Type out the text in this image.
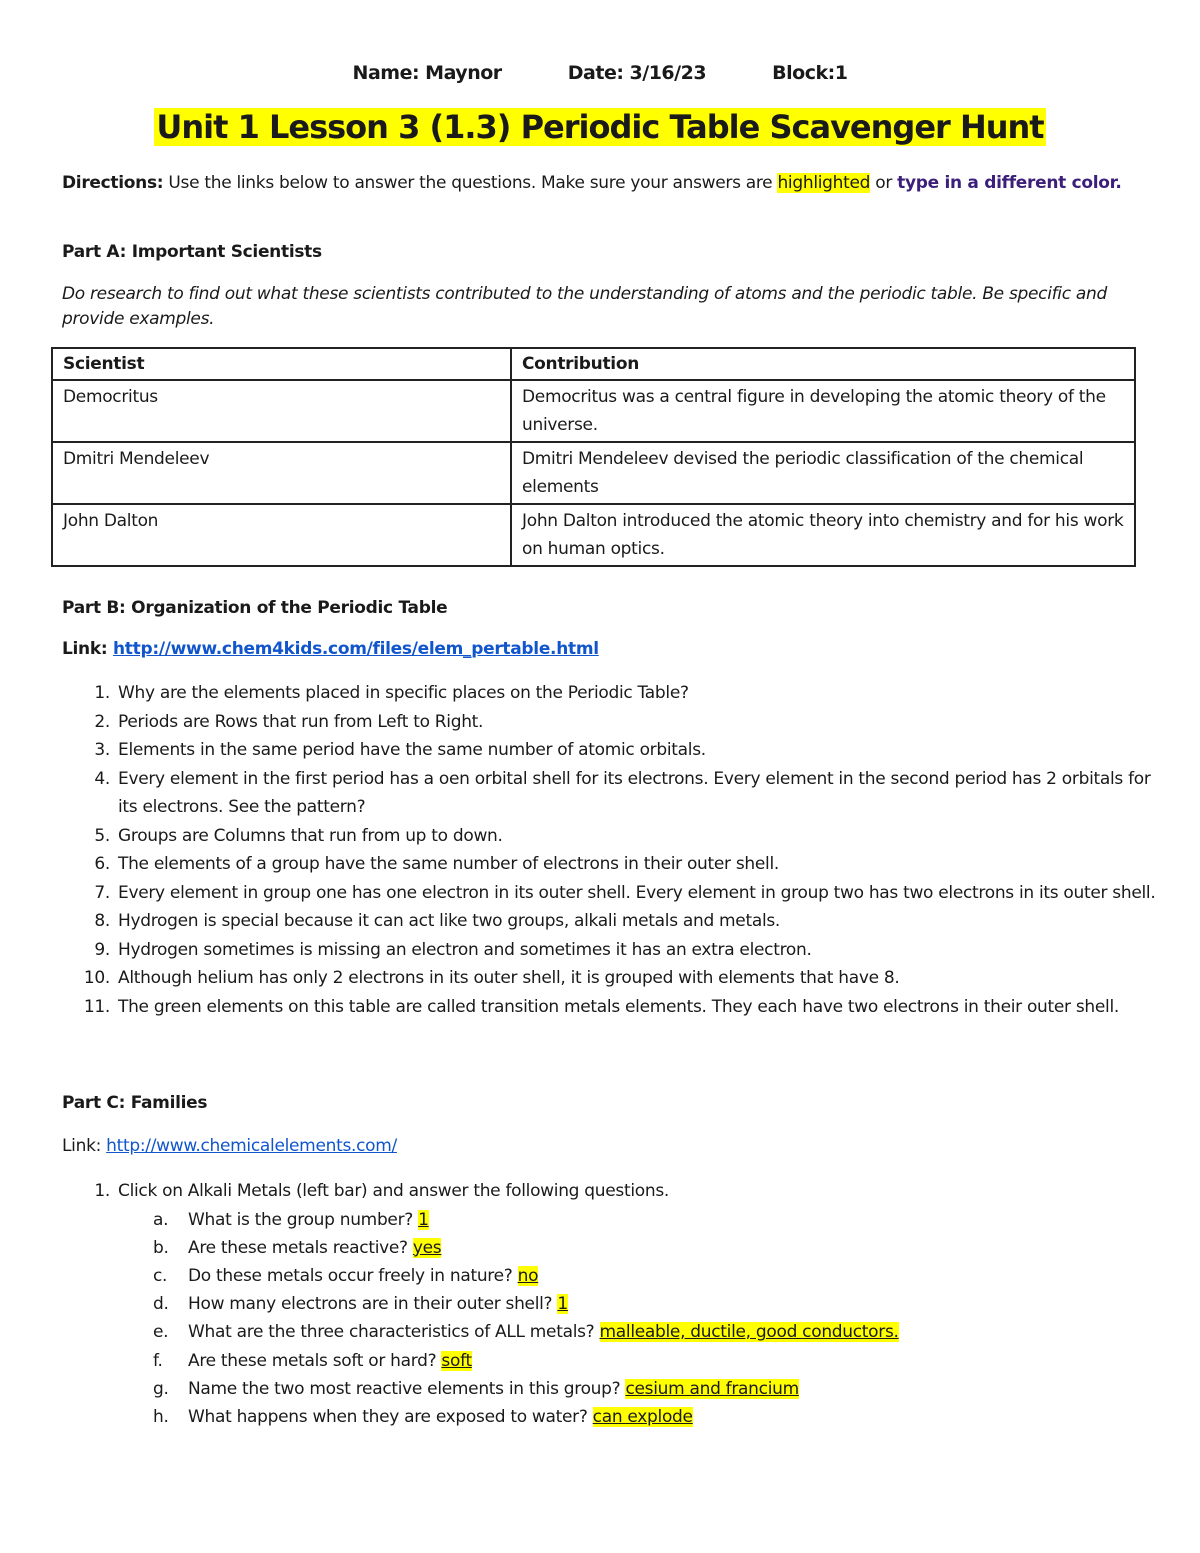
Name: Maynor	Date: 3/16/23	Block:1
Unit 1 Lesson 3 (1.3) Periodic Table Scavenger Hunt
Directions: Use the links below to answer the questions. Make sure your answers are highlighted or type in a different color.
Part A: Important Scientists
Do research to find out what these scientists contributed to the understanding of atoms and the periodic table. Be specific and provide examples.
Scientist	Contribution
Democritus	Democritus was a central figure in developing the atomic theory of the universe.
Dmitri Mendeleev	Dmitri Mendeleev devised the periodic classification of the chemical elements
John Dalton	John Dalton introduced the atomic theory into chemistry and for his work on human optics.
Part B: Organization of the Periodic Table
Link: http://www.chem4kids.com/files/elem_pertable.html
1. Why are the elements placed in specific places on the Periodic Table?
2. Periods are Rows that run from Left to Right.
3. Elements in the same period have the same number of atomic orbitals.
4. Every element in the first period has a oen orbital shell for its electrons. Every element in the second period has 2 orbitals for its electrons. See the pattern?
5. Groups are Columns that run from up to down.
6. The elements of a group have the same number of electrons in their outer shell.
7. Every element in group one has one electron in its outer shell. Every element in group two has two electrons in its outer shell.
8. Hydrogen is special because it can act like two groups, alkali metals and metals.
9. Hydrogen sometimes is missing an electron and sometimes it has an extra electron.
10. Although helium has only 2 electrons in its outer shell, it is grouped with elements that have 8.
11. The green elements on this table are called transition metals elements. They each have two electrons in their outer shell.
Part C: Families
Link: http://www.chemicalelements.com/
1. Click on Alkali Metals (left bar) and answer the following questions.
a. What is the group number? 1
b. Are these metals reactive? yes
c. Do these metals occur freely in nature? no
d. How many electrons are in their outer shell? 1
e. What are the three characteristics of ALL metals? malleable, ductile, good conductors.
f. Are these metals soft or hard? soft
g. Name the two most reactive elements in this group? cesium and francium
h. What happens when they are exposed to water? can explode
